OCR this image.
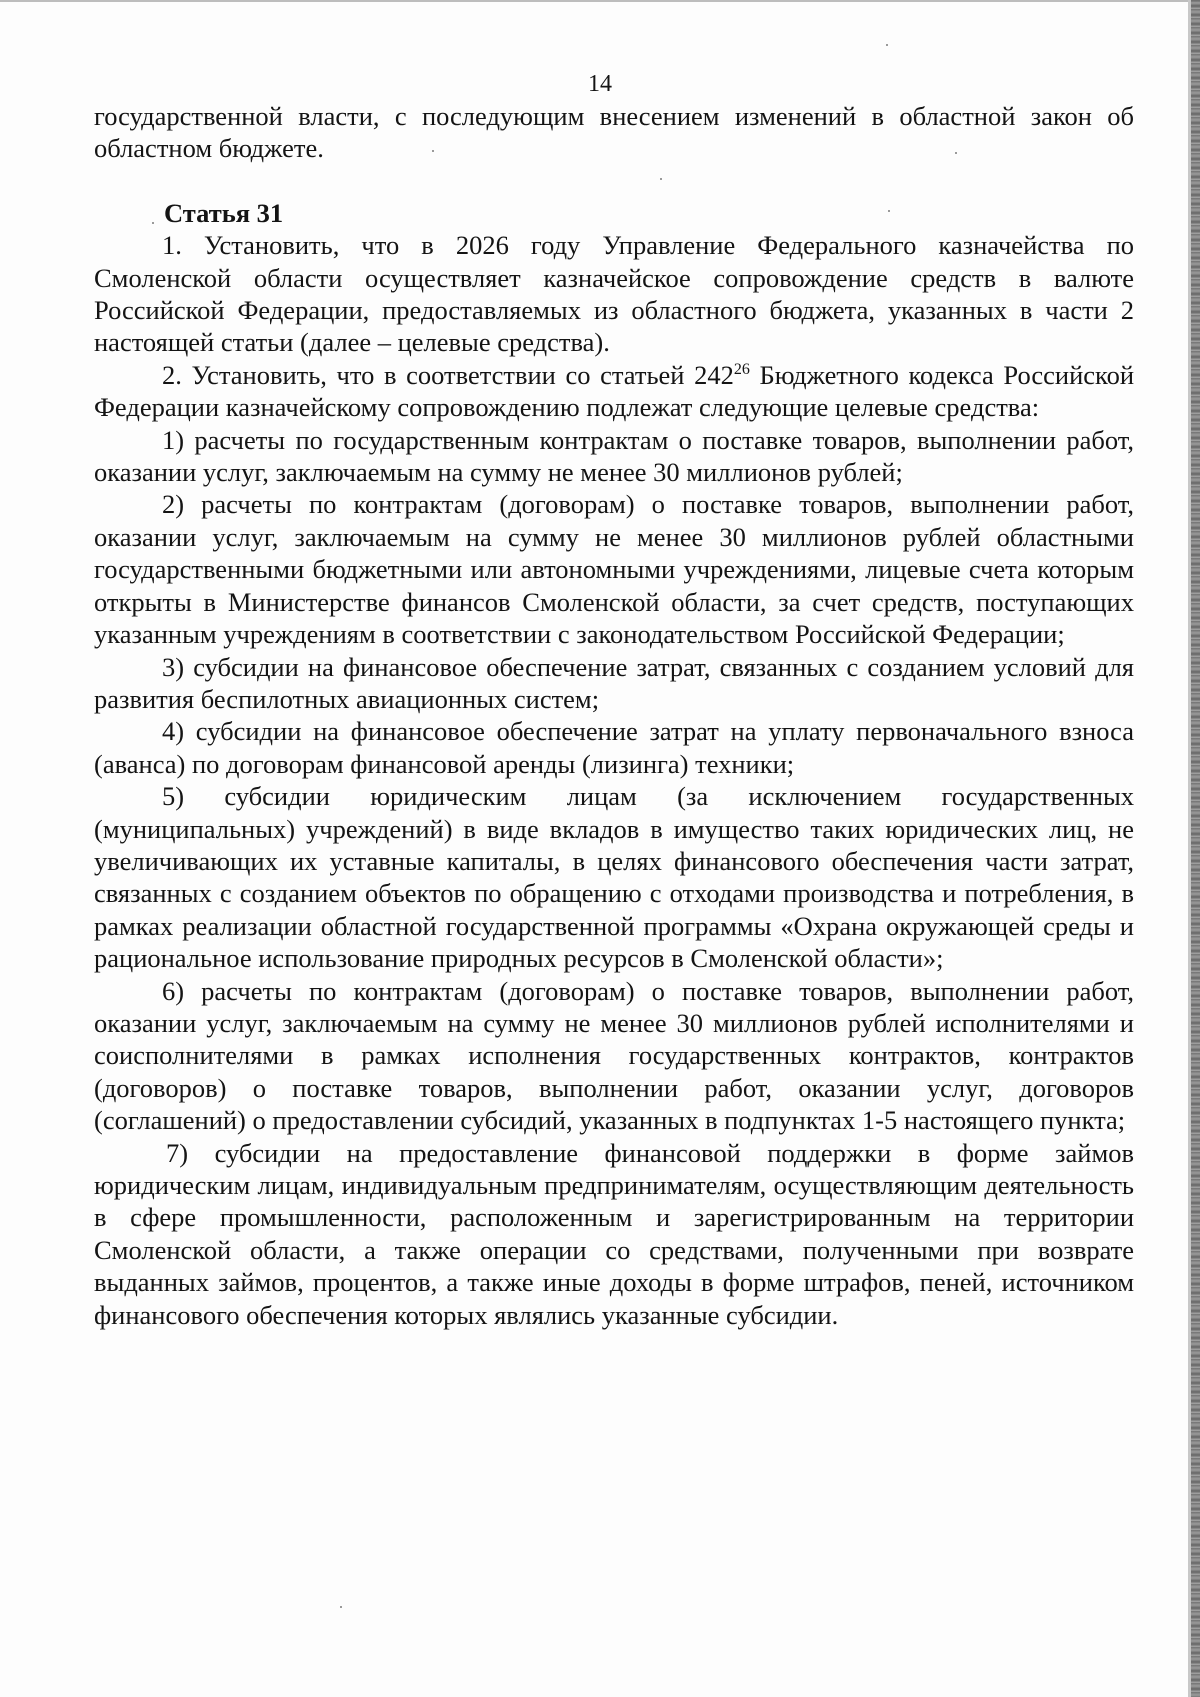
14

государственной власти, с последующим внесением изменений в областной закон об областном бюджете.

Статья 31

1. Установить, что в 2026 году Управление Федерального казначейства по Смоленской области осуществляет казначейское сопровождение средств в валюте Российской Федерации, предоставляемых из областного бюджета, указанных в части 2 настоящей статьи (далее – целевые средства).

2. Установить, что в соответствии со статьей $242^{26}$ Бюджетного кодекса Российской Федерации казначейскому сопровождению подлежат следующие целевые средства:

1) расчеты по государственным контрактам о поставке товаров, выполнении работ, оказании услуг, заключаемым на сумму не менее 30 миллионов рублей;

2) расчеты по контрактам (договорам) о поставке товаров, выполнении работ, оказании услуг, заключаемым на сумму не менее 30 миллионов рублей областными государственными бюджетными или автономными учреждениями, лицевые счета которым открыты в Министерстве финансов Смоленской области, за счет средств, поступающих указанным учреждениям в соответствии с законодательством Российской Федерации;

3) субсидии на финансовое обеспечение затрат, связанных с созданием условий для развития беспилотных авиационных систем;

4) субсидии на финансовое обеспечение затрат на уплату первоначального взноса (аванса) по договорам финансовой аренды (лизинга) техники;

5) субсидии юридическим лицам (за исключением государственных (муниципальных) учреждений) в виде вкладов в имущество таких юридических лиц, не увеличивающих их уставные капиталы, в целях финансового обеспечения части затрат, связанных с созданием объектов по обращению с отходами производства и потребления, в рамках реализации областной государственной программы «Охрана окружающей среды и рациональное использование природных ресурсов в Смоленской области»;

6) расчеты по контрактам (договорам) о поставке товаров, выполнении работ, оказании услуг, заключаемым на сумму не менее 30 миллионов рублей исполнителями и соисполнителями в рамках исполнения государственных контрактов, контрактов (договоров) о поставке товаров, выполнении работ, оказании услуг, договоров (соглашений) о предоставлении субсидий, указанных в подпунктах 1-5 настоящего пункта;

7) субсидии на предоставление финансовой поддержки в форме займов юридическим лицам, индивидуальным предпринимателям, осуществляющим деятельность в сфере промышленности, расположенным и зарегистрированным на территории Смоленской области, а также операции со средствами, полученными при возврате выданных займов, процентов, а также иные доходы в форме штрафов, пеней, источником финансового обеспечения которых являлись указанные субсидии.
